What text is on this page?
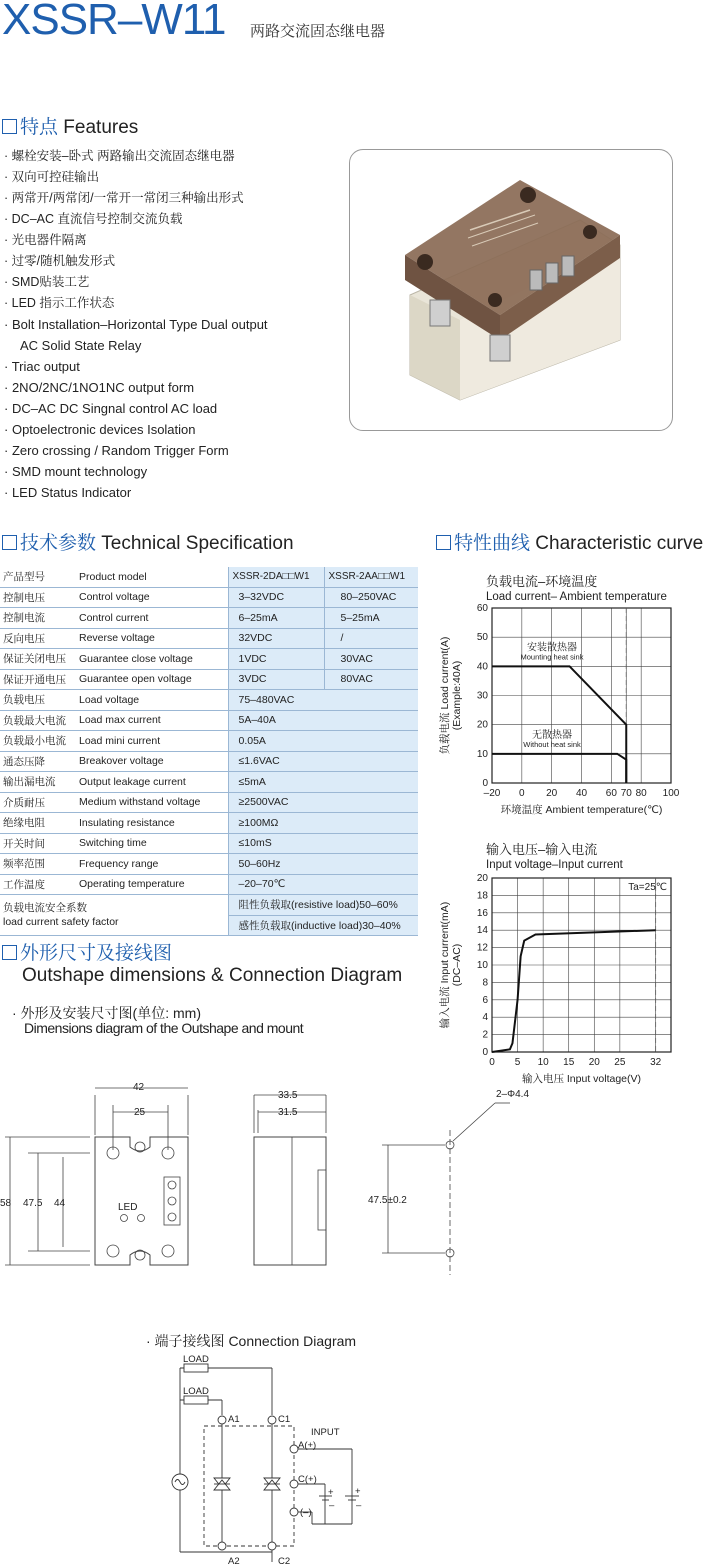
XSSR–W11 两路交流固态继电器
特点 Features
· 螺栓安装–卧式 两路输出交流固态继电器
· 双向可控硅输出
· 两常开/两常闭/一常开一常闭三种输出形式
· DC–AC 直流信号控制交流负载
· 光电器件隔离
· 过零/随机触发形式
· SMD贴装工艺
· LED 指示工作状态
· Bolt Installation–Horizontal Type Dual output
AC Solid State Relay
· Triac output
· 2NO/2NC/1NO1NC output form
· DC–AC DC Singnal control AC load
· Optoelectronic devices Isolation
· Zero crossing / Random Trigger Form
· SMD mount technology
· LED Status Indicator
技术参数 Technical Specification
产品型号	Product model	XSSR-2DA□□W1	XSSR-2AA□□W1
控制电压	Control voltage	3–32VDC	80–250VAC
控制电流	Control current	6–25mA	5–25mA
反向电压	Reverse voltage	32VDC	/
保证关闭电压	Guarantee close voltage	1VDC	30VAC
保证开通电压	Guarantee open voltage	3VDC	80VAC
负载电压	Load voltage	75–480VAC	
负载最大电流	Load max current	5A–40A	
负载最小电流	Load mini current	0.05A	
通态压降	Breakover voltage	≤1.6VAC	
输出漏电流	Output leakage current	≤5mA	
介质耐压	Medium withstand voltage	≥2500VAC	
绝缘电阻	Insulating resistance	≥100MΩ	
开关时间	Switching time	≤10mS	
频率范围	Frequency range	50–60Hz	
工作温度	Operating temperature	–20–70℃	

负载电流安全系数
load current safety factor		阻性负载取(resistive load)50–60%	
		感性负载取(inductive load)30–40%	
特性曲线 Characteristic curve
负载电流–环境温度
Load current– Ambient temperature
–20 0 20 40 60 70 80 100
0
10
20
30
40
50
60
安装散热器
Mounting heat sink
无散热器
Without heat sink
环境温度 Ambient temperature(℃)
负载电流 Load current(A) (Example:40A)
输入电压–输入电流
Input voltage–Input current
0 5 10 15 20 25 32
0
2
4
6
8
10
12
14
16
18
20
Ta=25℃
输入电压 Input voltage(V)
输入电流 Input current(mA) (DC–AC)
外形尺寸及接线图
Outshape dimensions & Connection Diagram
· 外形及安装尺寸图(单位: mm)
Dimensions diagram of the Outshape and mount
42
25
58 47.5 44	LED
33.5
31.5
2–Φ4.4
47.5±0.2
· 端子接线图 Connection Diagram
LOAD
LOAD
A1	C1
A2	C2
INPUT
A(+)
C(+)
(–)
+ +
– –
